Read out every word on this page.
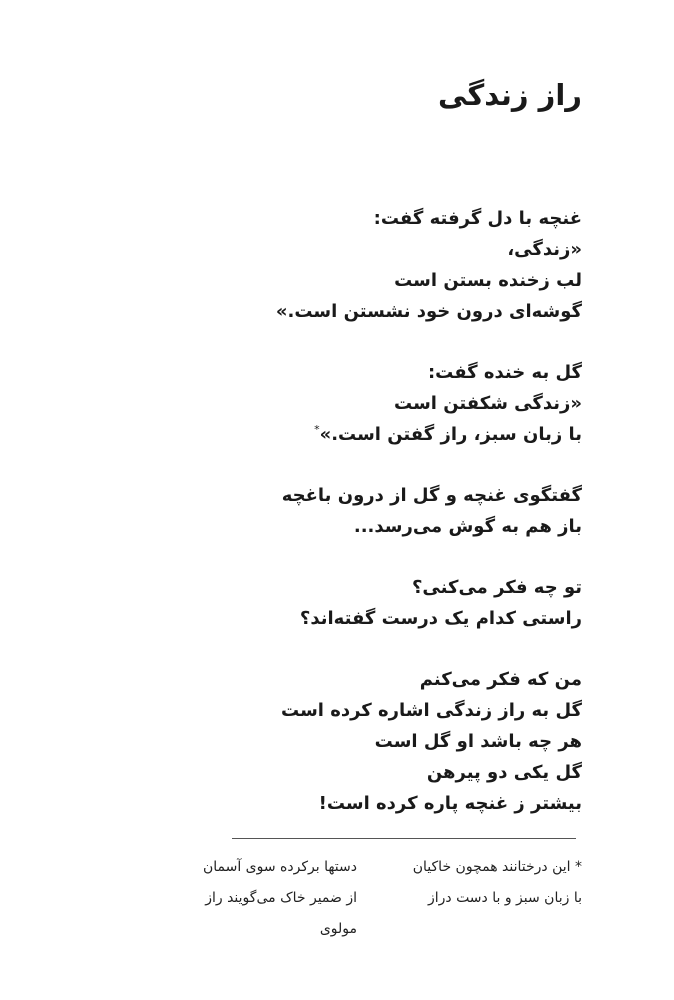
راز زندگی

غنچه با دل گرفته گفت:

«زندگی،

لب زخنده بستن است

گوشه‌ای درون خود نشستن است.»

گل به خنده گفت:

«زندگی شکفتن است

با زبان سبز، راز گفتن است.»*

گفتگوی غنچه و گل از درون باغچه

باز هم به گوش می‌رسد...

تو چه فکر می‌کنی؟

راستی کدام یک درست گفته‌اند؟

من که فکر می‌کنم

گل به راز زندگی اشاره کرده است

هر چه باشد او گل است

گل یکی دو پیرهن

بیشتر ز غنچه پاره کرده است!

* این درختانند همچون خاکیان
دستها برکرده سوی آسمان
با زبان سبز و با دست دراز
از ضمیر خاک می‌گویند راز
مولوی
